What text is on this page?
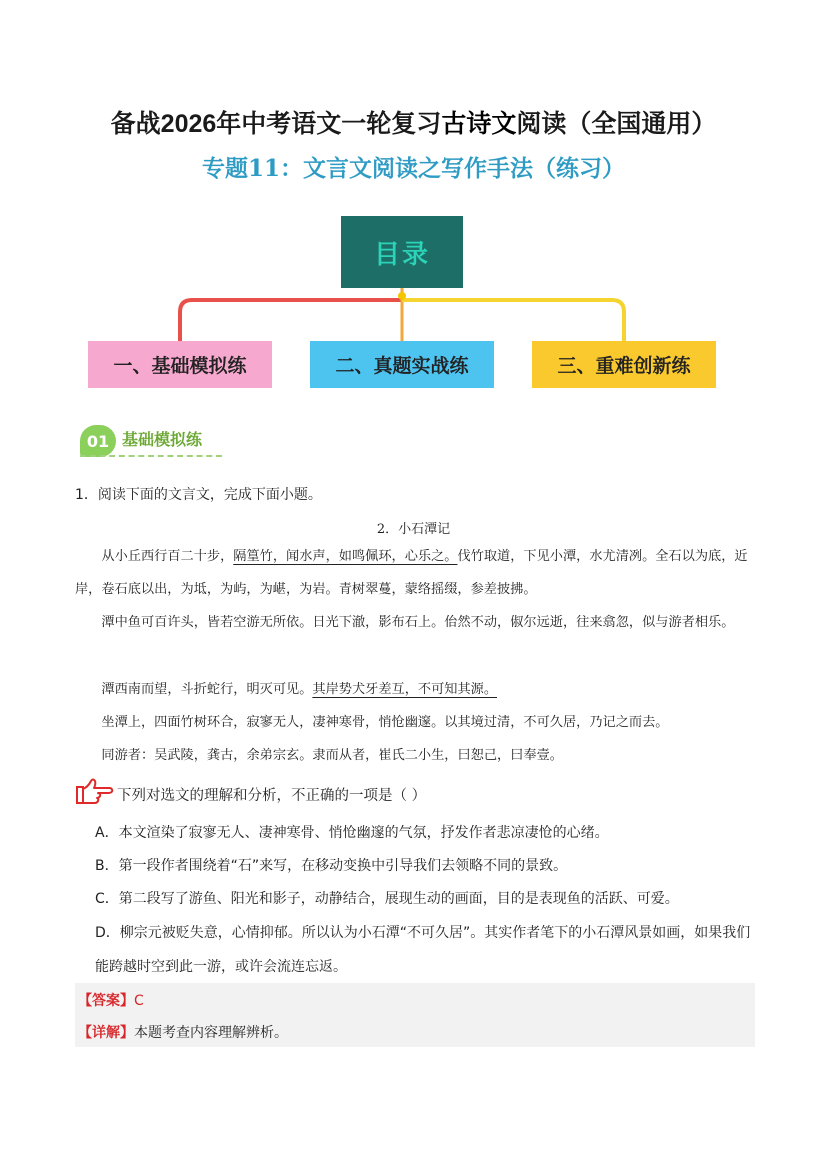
备战2026年中考语文一轮复习古诗文阅读（全国通用）
专题11：文言文阅读之写作手法（练习）
目录
一、基础模拟练	二、真题实战练	三、重难创新练
01 基础模拟练
1．阅读下面的文言文，完成下面小题。
2．小石潭记

从小丘西行百二十步，隔篁竹，闻水声，如鸣佩环，心乐之。伐竹取道，下见小潭，水尤清冽。全石以为底，近岸，卷石底以出，为坻，为屿，为嵁，为岩。青树翠蔓，蒙络摇缀，参差披拂。

潭中鱼可百许头，皆若空游无所依。日光下澈，影布石上。佁然不动，俶尔远逝，往来翕忽，似与游者相乐。

潭西南而望，斗折蛇行，明灭可见。其岸势犬牙差互，不可知其源。

坐潭上，四面竹树环合，寂寥无人，凄神寒骨，悄怆幽邃。以其境过清，不可久居，乃记之而去。

同游者：吴武陵，龚古，余弟宗玄。隶而从者，崔氏二小生，曰恕己，曰奉壹。

下列对选文的理解和分析，不正确的一项是（ ）
A．本文渲染了寂寥无人、凄神寒骨、悄怆幽邃的气氛，抒发作者悲凉凄怆的心绪。
B．第一段作者围绕着“石”来写，在移动变换中引导我们去领略不同的景致。
C．第二段写了游鱼、阳光和影子，动静结合，展现生动的画面，目的是表现鱼的活跃、可爱。
D．柳宗元被贬失意，心情抑郁。所以认为小石潭“不可久居”。其实作者笔下的小石潭风景如画，如果我们能跨越时空到此一游，或许会流连忘返。
【答案】C
【详解】本题考查内容理解辨析。
